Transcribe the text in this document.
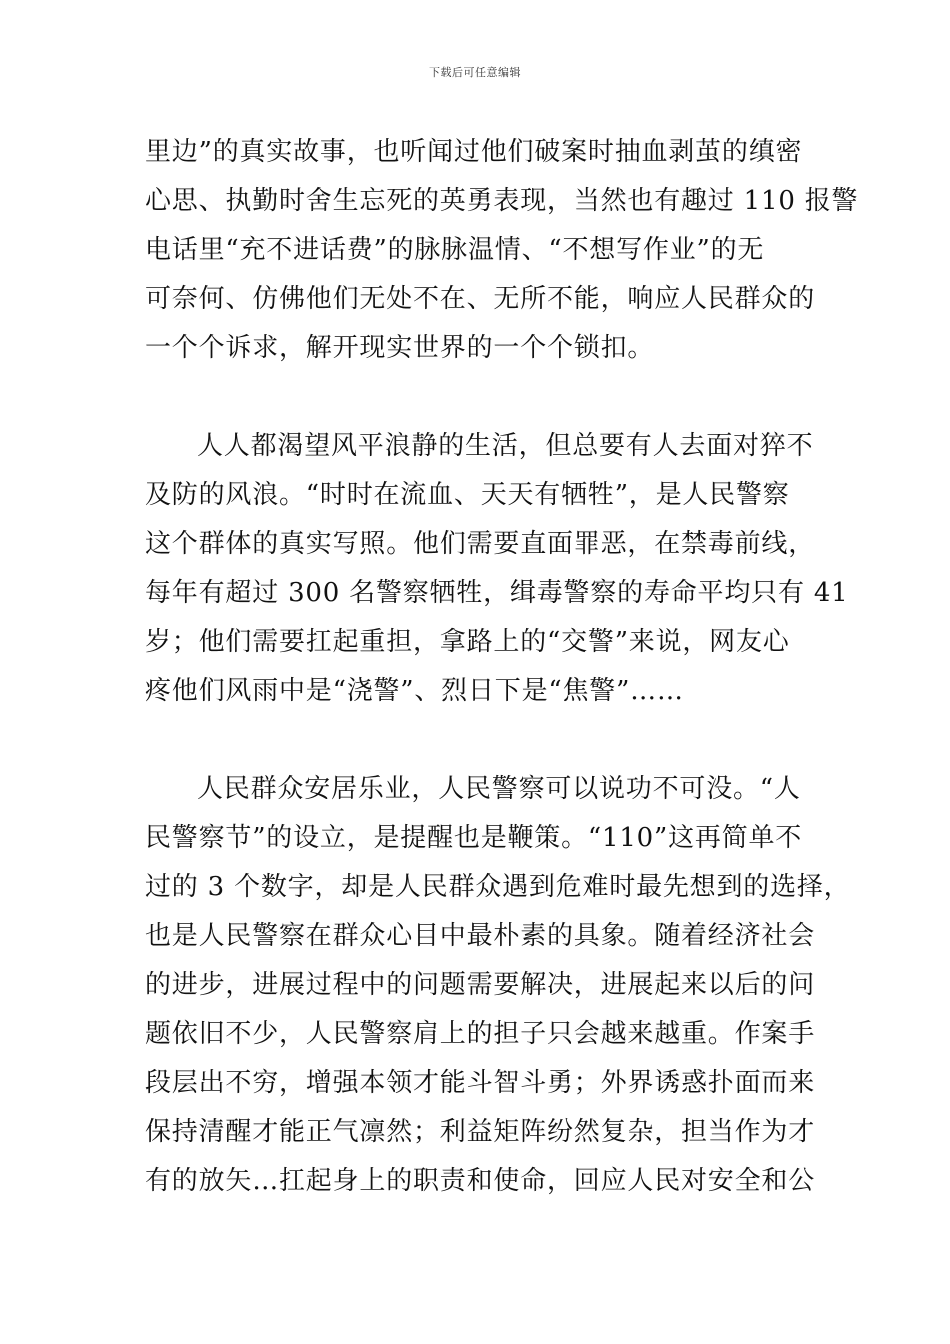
下载后可任意编辑
里边”的真实故事，也听闻过他们破案时抽血剥茧的缜密
心思、执勤时舍生忘死的英勇表现，当然也有趣过 110 报警
电话里“充不进话费”的脉脉温情、“不想写作业”的无
可奈何、仿佛他们无处不在、无所不能，响应人民群众的
一个个诉求，解开现实世界的一个个锁扣。
人人都渴望风平浪静的生活，但总要有人去面对猝不
及防的风浪。“时时在流血、天天有牺牲”，是人民警察
这个群体的真实写照。他们需要直面罪恶，在禁毒前线，
每年有超过 300 名警察牺牲，缉毒警察的寿命平均只有 41
岁；他们需要扛起重担，拿路上的“交警”来说，网友心
疼他们风雨中是“浇警”、烈日下是“焦警”……
人民群众安居乐业，人民警察可以说功不可没。“人
民警察节”的设立，是提醒也是鞭策。“110”这再简单不
过的 3 个数字，却是人民群众遇到危难时最先想到的选择，
也是人民警察在群众心目中最朴素的具象。随着经济社会
的进步，进展过程中的问题需要解决，进展起来以后的问
题依旧不少，人民警察肩上的担子只会越来越重。作案手
段层出不穷，增强本领才能斗智斗勇；外界诱惑扑面而来
保持清醒才能正气凛然；利益矩阵纷然复杂，担当作为才
有的放矢…扛起身上的职责和使命，回应人民对安全和公
